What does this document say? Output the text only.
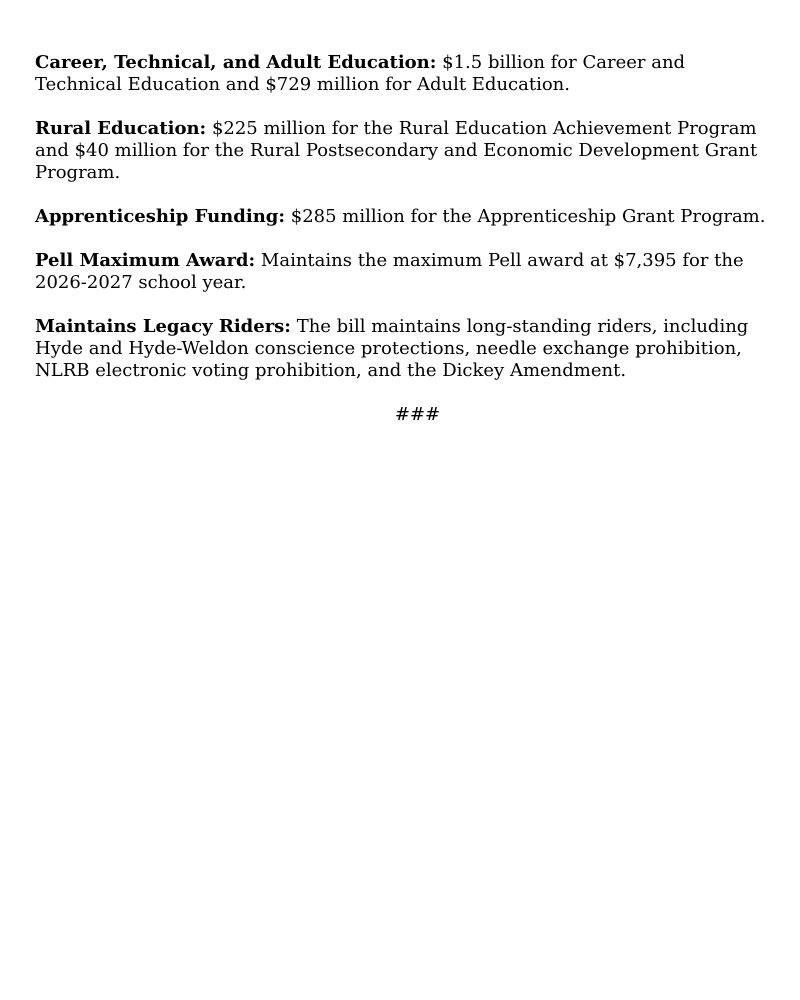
Career, Technical, and Adult Education: $1.5 billion for Career and Technical Education and $729 million for Adult Education.

Rural Education: $225 million for the Rural Education Achievement Program and $40 million for the Rural Postsecondary and Economic Development Grant Program.

Apprenticeship Funding: $285 million for the Apprenticeship Grant Program.

Pell Maximum Award: Maintains the maximum Pell award at $7,395 for the 2026-2027 school year.

Maintains Legacy Riders: The bill maintains long-standing riders, including Hyde and Hyde-Weldon conscience protections, needle exchange prohibition, NLRB electronic voting prohibition, and the Dickey Amendment.

###
